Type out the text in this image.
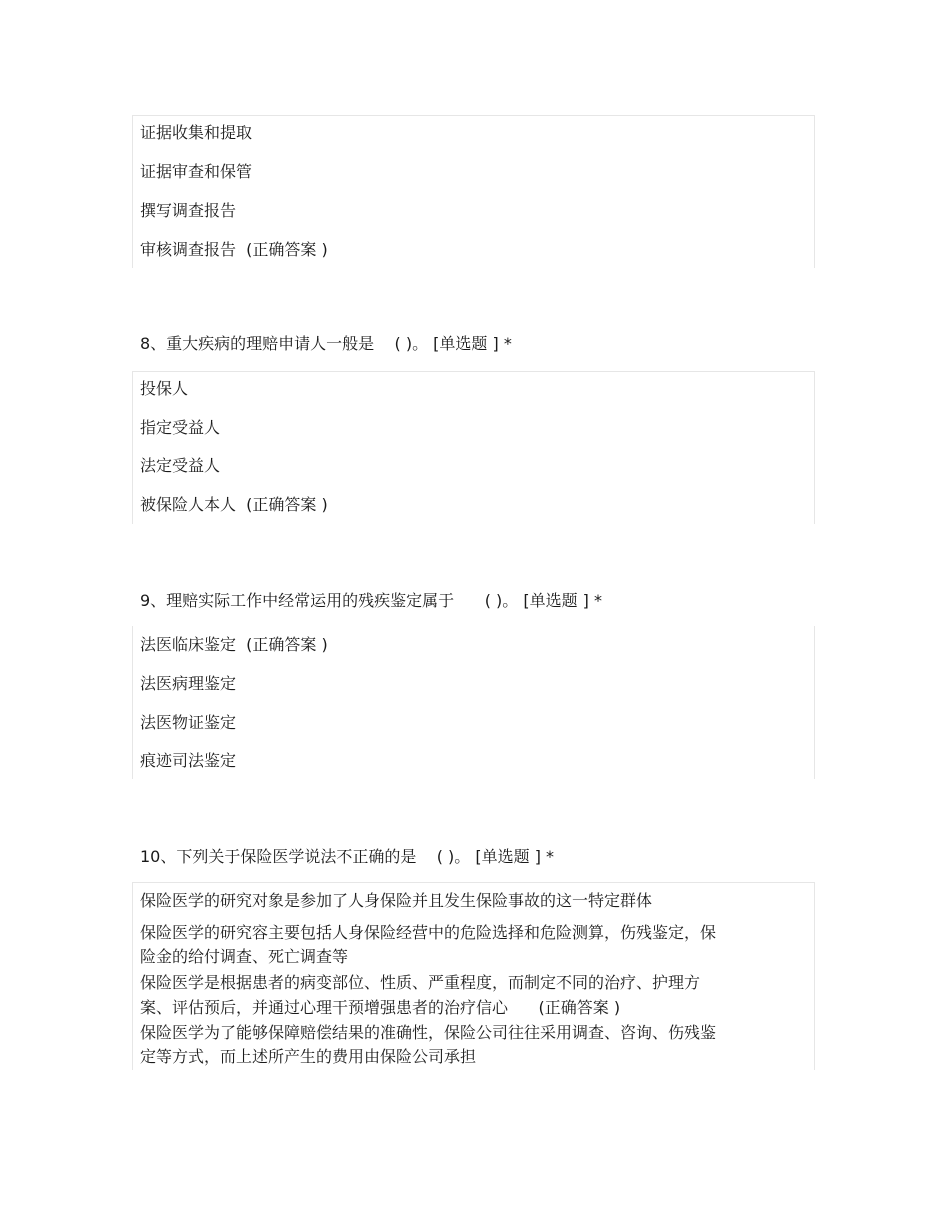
证据收集和提取
证据审查和保管
撰写调查报告
审核调查报告  (正确答案 )
8、重大疾病的理赔申请人一般是    ( )。 [单选题 ] *
投保人
指定受益人
法定受益人
被保险人本人  (正确答案 )
9、理赔实际工作中经常运用的残疾鉴定属于      ( )。 [单选题 ] *
法医临床鉴定  (正确答案 )
法医病理鉴定
法医物证鉴定
痕迹司法鉴定
10、下列关于保险医学说法不正确的是    ( )。 [单选题 ] *
保险医学的研究对象是参加了人身保险并且发生保险事故的这一特定群体
保险医学的研究容主要包括人身保险经营中的危险选择和危险测算，伤残鉴定，保
险金的给付调查、死亡调查等
保险医学是根据患者的病变部位、性质、严重程度，而制定不同的治疗、护理方
案、评估预后，并通过心理干预增强患者的治疗信心      (正确答案 )
保险医学为了能够保障赔偿结果的准确性，保险公司往往采用调查、咨询、伤残鉴
定等方式，而上述所产生的费用由保险公司承担
